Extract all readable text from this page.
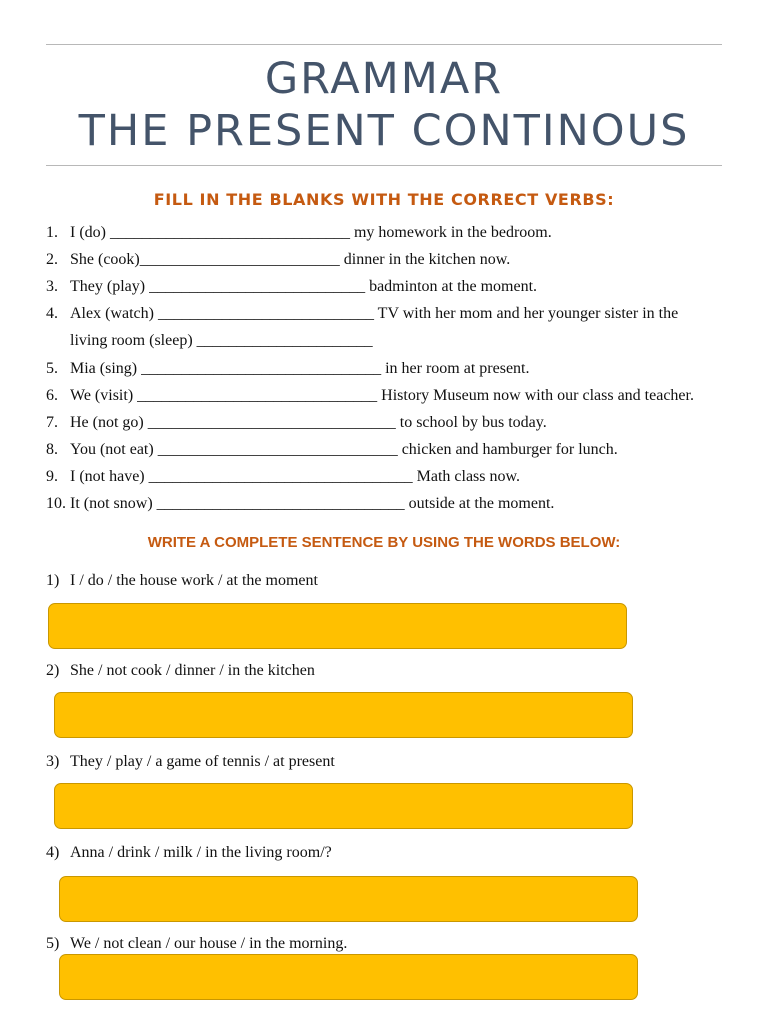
GRAMMAR
THE PRESENT CONTINOUS
FILL IN THE BLANKS WITH THE CORRECT VERBS:
1. I (do) ______________________________ my homework in the bedroom.
2. She (cook)_________________________ dinner in the kitchen now.
3. They (play) ___________________________ badminton at the moment.
4. Alex (watch) ___________________________ TV with her mom and her younger sister in the
living room (sleep) ______________________
5. Mia (sing) ______________________________ in her room at present.
6. We (visit) ______________________________ History Museum now with our class and teacher.
7. He (not go) _______________________________ to school by bus today.
8. You (not eat) ______________________________ chicken and hamburger for lunch.
9. I (not have) _________________________________ Math class now.
10. It (not snow) _______________________________ outside at the moment.
WRITE A COMPLETE SENTENCE BY USING THE WORDS BELOW:
1) I / do / the house work / at the moment
2) She / not cook / dinner / in the kitchen
3) They / play / a game of tennis / at present
4) Anna / drink / milk / in the living room/?
5) We / not clean / our house / in the morning.
